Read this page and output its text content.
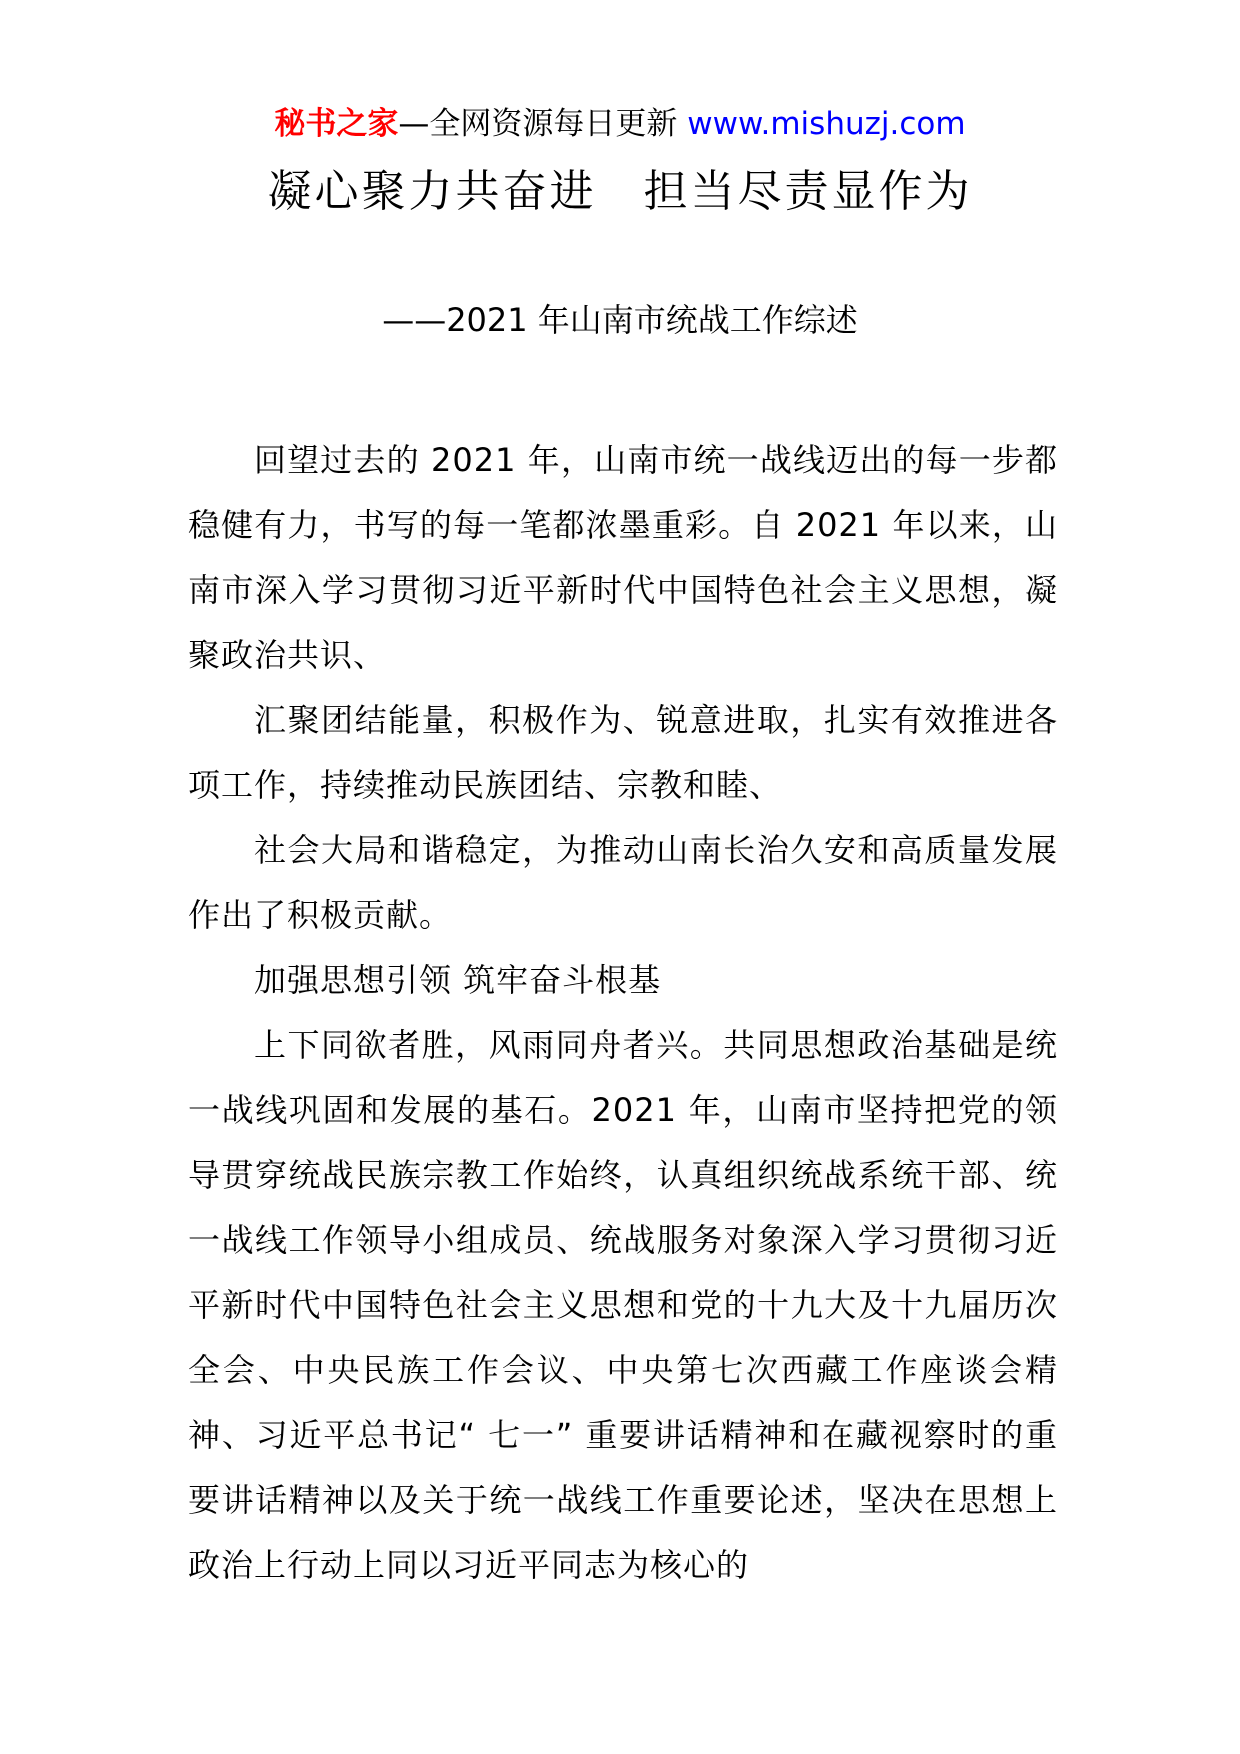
秘书之家—全网资源每日更新 www.mishuzj.com
凝心聚力共奋进　担当尽责显作为
——2021 年山南市统战工作综述

回望过去的 2021 年，山南市统一战线迈出的每一步都稳健有力，书写的每一笔都浓墨重彩。自 2021 年以来，山南市深入学习贯彻习近平新时代中国特色社会主义思想，凝聚政治共识、

汇聚团结能量，积极作为、锐意进取，扎实有效推进各项工作，持续推动民族团结、宗教和睦、

社会大局和谐稳定，为推动山南长治久安和高质量发展作出了积极贡献。

加强思想引领 筑牢奋斗根基

上下同欲者胜，风雨同舟者兴。共同思想政治基础是统一战线巩固和发展的基石。2021 年，山南市坚持把党的领导贯穿统战民族宗教工作始终，认真组织统战系统干部、统一战线工作领导小组成员、统战服务对象深入学习贯彻习近平新时代中国特色社会主义思想和党的十九大及十九届历次全会、中央民族工作会议、中央第七次西藏工作座谈会精神、习近平总书记“ 七一” 重要讲话精神和在藏视察时的重要讲话精神以及关于统一战线工作重要论述，坚决在思想上政治上行动上同以习近平同志为核心的
